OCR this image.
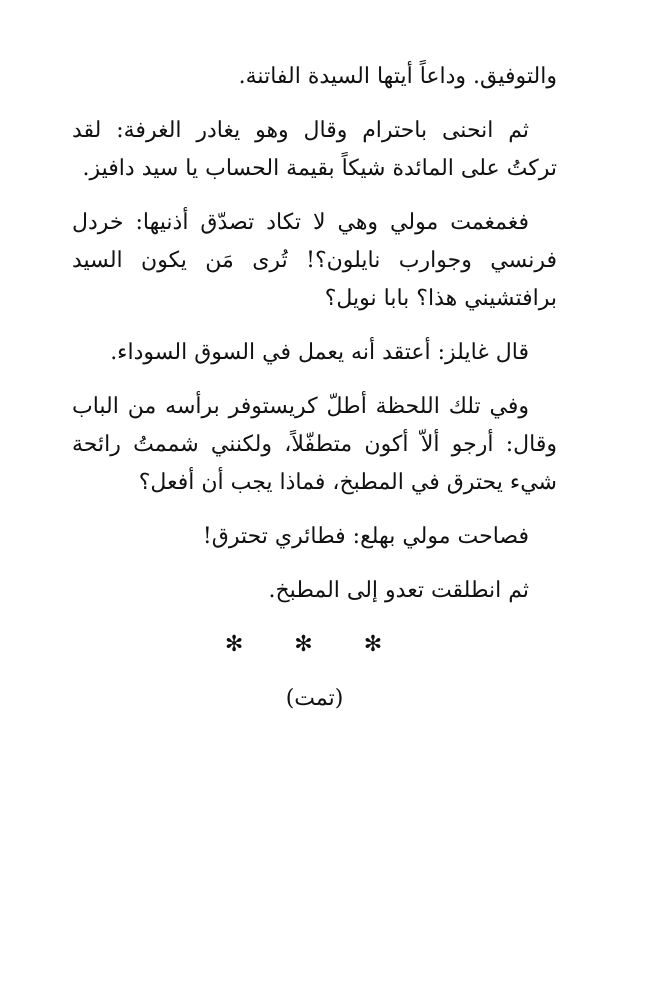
والتوفيق. وداعاً أيتها السيدة الفاتنة.

ثم انحنى باحترام وقال وهو يغادر الغرفة: لقد تركتُ على المائدة شيكاً بقيمة الحساب يا سيد دافيز.

فغمغمت مولي وهي لا تكاد تصدّق أذنيها: خردل فرنسي وجوارب نايلون؟! تُرى مَن يكون السيد برافتشيني هذا؟ بابا نويل؟

قال غايلز: أعتقد أنه يعمل في السوق السوداء.

وفي تلك اللحظة أطلّ كريستوفر برأسه من الباب وقال: أرجو ألاّ أكون متطفّلاً، ولكنني شممتُ رائحة شيء يحترق في المطبخ، فماذا يجب أن أفعل؟

فصاحت مولي بهلع: فطائري تحترق!

ثم انطلقت تعدو إلى المطبخ.

✻ ✻ ✻
(تمت)
